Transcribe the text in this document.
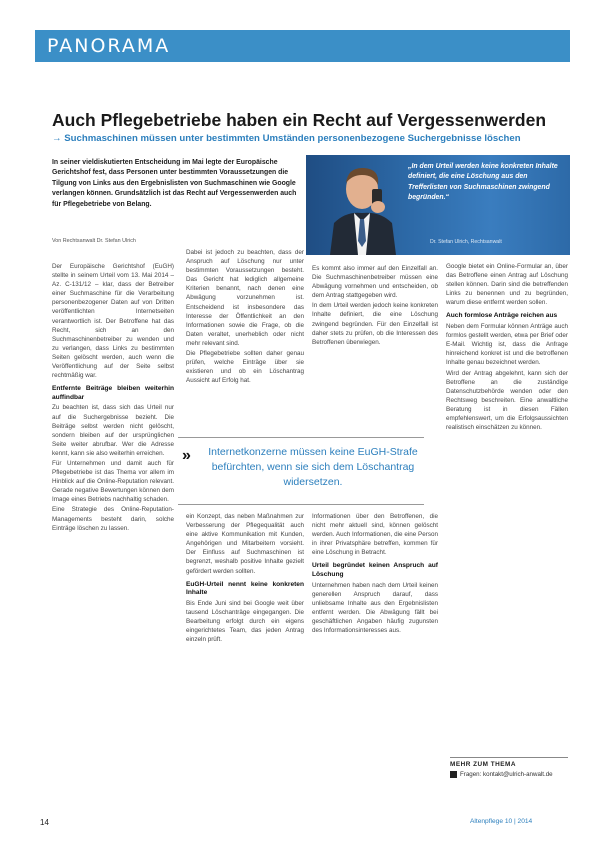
PANORAMA
Auch Pflegebetriebe haben ein Recht auf Vergessenwerden
→ Suchmaschinen müssen unter bestimmten Umständen personenbezogene Suchergebnisse löschen
In seiner vieldiskutierten Entscheidung im Mai legte der Europäische Gerichtshof fest, dass Personen unter bestimmten Voraussetzungen die Tilgung von Links aus den Ergebnislisten von Suchmaschinen wie Google verlangen können. Grundsätzlich ist das Recht auf Vergessenwerden auch für Pflegebetriebe von Belang.
Von Rechtsanwalt Dr. Stefan Ulrich
„In dem Urteil werden keine konkreten Inhalte definiert, die eine Löschung aus den Trefferlisten von Suchmaschinen zwingend begründen.“
Dr. Stefan Ulrich, Rechtsanwalt

Der Europäische Gerichtshof (EuGH) stellte in seinem Urteil vom 13. Mai 2014 – Az. C-131/12 – klar, dass der Betreiber einer Suchmaschine für die Verarbeitung personenbezogener Daten auf von Dritten veröffentlichten Internetseiten verantwortlich ist. Der Betroffene hat das Recht, sich an den Suchmaschinenbetreiber zu wenden und zu verlangen, dass Links zu bestimmten Seiten gelöscht werden, auch wenn die Veröffentlichung auf der Seite selbst rechtmäßig war.

Entfernte Beiträge bleiben weiterhin auffindbar

Zu beachten ist, dass sich das Urteil nur auf die Suchergebnisse bezieht. Die Beiträge selbst werden nicht gelöscht, sondern bleiben auf der ursprünglichen Seite weiter abrufbar. Wer die Adresse kennt, kann sie also weiterhin erreichen.

Für Unternehmen und damit auch für Pflegebetriebe ist das Thema vor allem im Hinblick auf die Online-Reputation relevant. Gerade negative Bewertungen können dem Image eines Betriebs nachhaltig schaden.

Eine Strategie des Online-Reputation-Managements besteht darin, solche Einträge löschen zu lassen.

Dabei ist jedoch zu beachten, dass der Anspruch auf Löschung nur unter bestimmten Voraussetzungen besteht. Das Gericht hat lediglich allgemeine Kriterien benannt, nach denen eine Abwägung vorzunehmen ist. Entscheidend ist insbesondere das Interesse der Öffentlichkeit an den Informationen sowie die Frage, ob die Daten veraltet, unerheblich oder nicht mehr relevant sind.

Die Pflegebetriebe sollten daher genau prüfen, welche Einträge über sie existieren und ob ein Löschantrag Aussicht auf Erfolg hat.

Es kommt also immer auf den Einzelfall an. Die Suchmaschinenbetreiber müssen eine Abwägung vornehmen und entscheiden, ob dem Antrag stattgegeben wird.

In dem Urteil werden jedoch keine konkreten Inhalte definiert, die eine Löschung zwingend begründen. Für den Einzelfall ist daher stets zu prüfen, ob die Interessen des Betroffenen überwiegen.

Google bietet ein Online-Formular an, über das Betroffene einen Antrag auf Löschung stellen können. Darin sind die betreffenden Links zu benennen und zu begründen, warum diese entfernt werden sollen.

Auch formlose Anträge reichen aus

Neben dem Formular können Anträge auch formlos gestellt werden, etwa per Brief oder E-Mail. Wichtig ist, dass die Anfrage hinreichend konkret ist und die betroffenen Inhalte genau bezeichnet werden.

Wird der Antrag abgelehnt, kann sich der Betroffene an die zuständige Datenschutzbehörde wenden oder den Rechtsweg beschreiten. Eine anwaltliche Beratung ist in diesen Fällen empfehlenswert, um die Erfolgsaussichten realistisch einschätzen zu können.

ein Konzept, das neben Maßnahmen zur Verbesserung der Pflegequalität auch eine aktive Kommunikation mit Kunden, Angehörigen und Mitarbeitern vorsieht. Der Einfluss auf Suchmaschinen ist begrenzt, weshalb positive Inhalte gezielt gefördert werden sollten.

EuGH-Urteil nennt keine konkreten Inhalte

Bis Ende Juni sind bei Google weit über tausend Löschanträge eingegangen. Die Bearbeitung erfolgt durch ein eigens eingerichtetes Team, das jeden Antrag einzeln prüft.

Informationen über den Betroffenen, die nicht mehr aktuell sind, können gelöscht werden. Auch Informationen, die eine Person in ihrer Privatsphäre betreffen, kommen für eine Löschung in Betracht.

Urteil begründet keinen Anspruch auf Löschung

Unternehmen haben nach dem Urteil keinen generellen Anspruch darauf, dass unliebsame Inhalte aus den Ergebnislisten entfernt werden. Die Abwägung fällt bei geschäftlichen Angaben häufig zugunsten des Informationsinteresses aus.

» Internetkonzerne müssen keine EuGH-Strafe befürchten, wenn sie sich dem Löschantrag widersetzen.
MEHR ZUM THEMA
Fragen: kontakt@ulrich-anwalt.de
14	Altenpflege 10 | 2014
